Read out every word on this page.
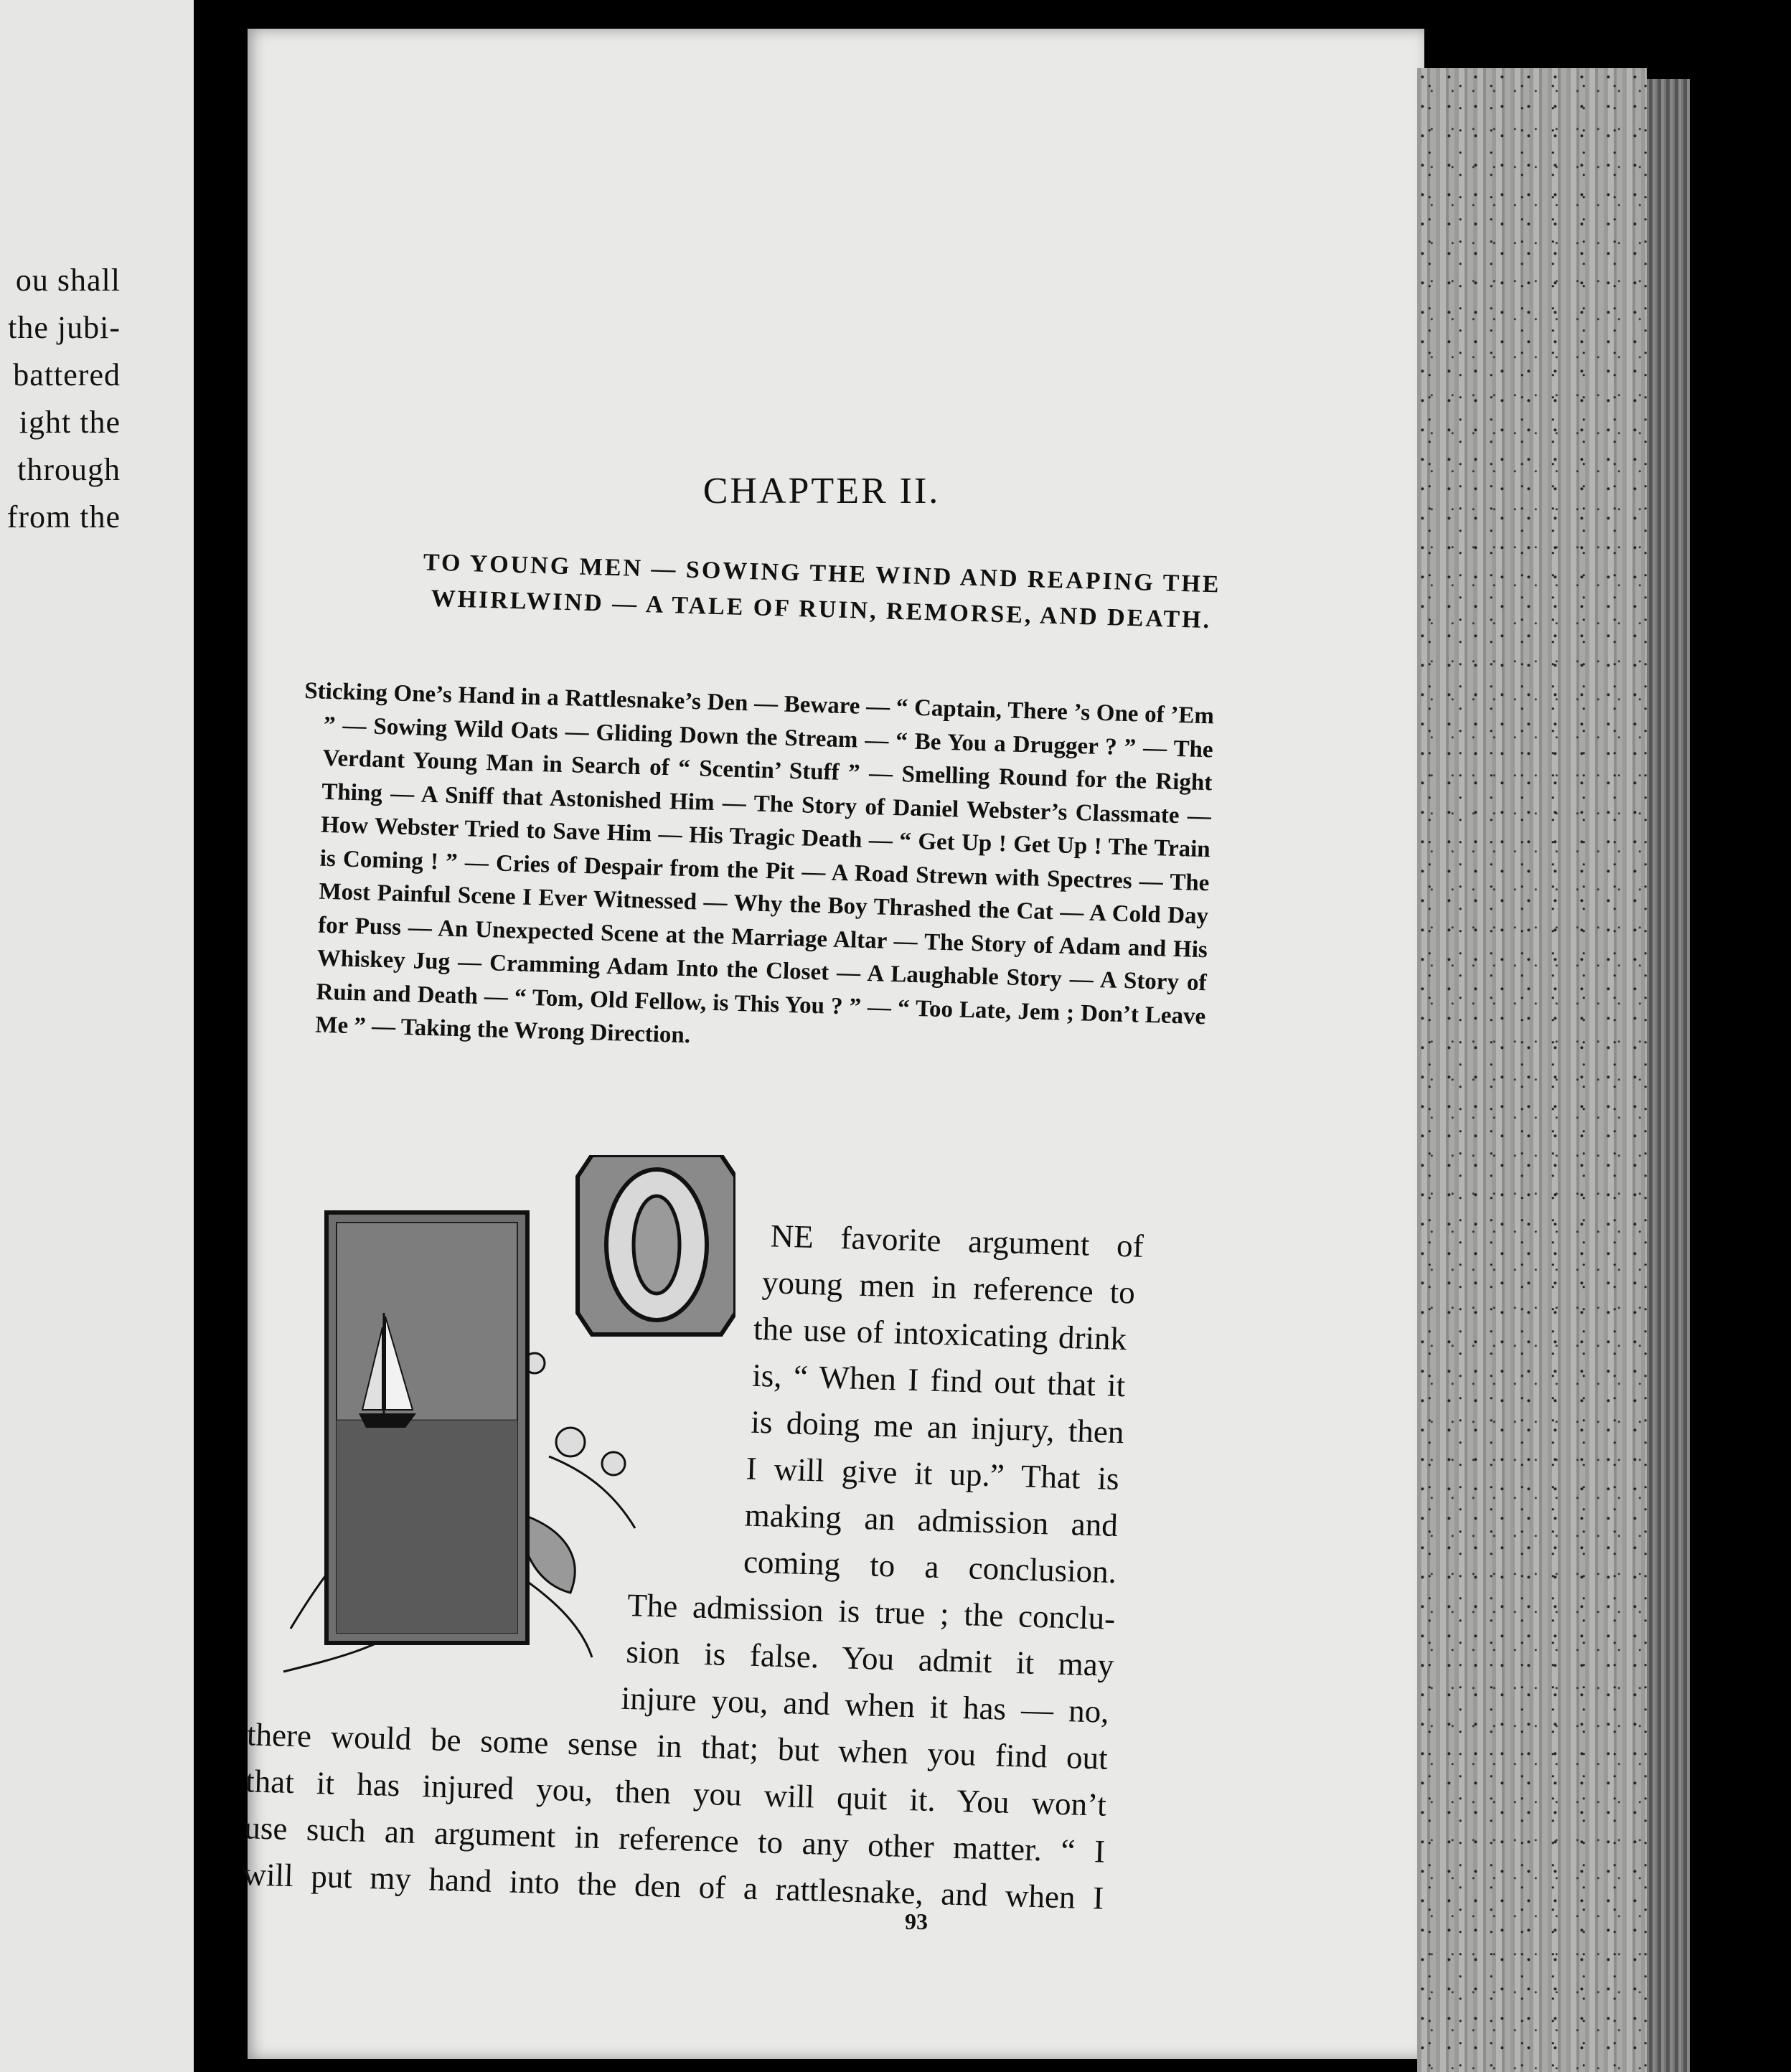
ou shall
the jubi-
battered
ight the
through
from the
CHAPTER II.
TO YOUNG MEN — SOWING THE WIND AND REAPING THE
WHIRLWIND — A TALE OF RUIN, REMORSE, AND DEATH.
Sticking One’s Hand in a Rattlesnake’s Den — Beware — “ Captain, There ’s One of ’Em ” — Sowing Wild Oats — Gliding Down the Stream — “ Be You a Drugger ? ” — The Verdant Young Man in Search of “ Scentin’ Stuff ” — Smelling Round for the Right Thing — A Sniff that Astonished Him — The Story of Daniel Webster’s Classmate — How Webster Tried to Save Him — His Tragic Death — “ Get Up ! Get Up ! The Train is Coming ! ” — Cries of Despair from the Pit — A Road Strewn with Spectres — The Most Painful Scene I Ever Witnessed — Why the Boy Thrashed the Cat — A Cold Day for Puss — An Unexpected Scene at the Marriage Altar — The Story of Adam and His Whiskey Jug — Cramming Adam Into the Closet — A Laughable Story — A Story of Ruin and Death — “ Tom, Old Fellow, is This You ? ” — “ Too Late, Jem ; Don’t Leave Me ” — Taking the Wrong Direction.
NE favorite argument of
young men in reference to
the use of intoxicating drink
is, “ When I find out that it
is doing me an injury, then
I will give it up.” That is
making an admission and
coming to a conclusion.
The admission is true ; the conclu-
sion is false. You admit it may
injure you, and when it has — no,
there would be some sense in that; but when you find out
that it has injured you, then you will quit it. You won’t
use such an argument in reference to any other matter. “ I
will put my hand into the den of a rattlesnake, and when I
93
